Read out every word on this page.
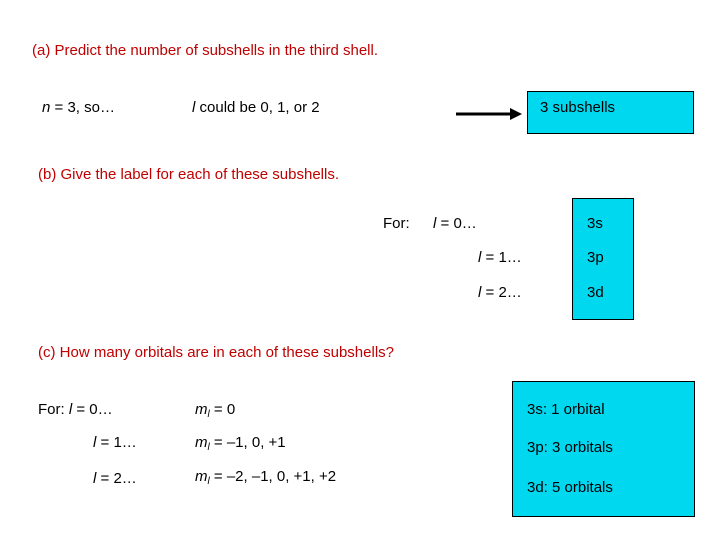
(a) Predict the number of subshells in the third shell.
n = 3, so…	l could be 0, 1, or 2	3 subshells
(b) Give the label for each of these subshells.
For: l = 0…
l = 1…
l = 2…
3s
3p
3d
(c) How many orbitals are in each of these subshells?
For: l = 0…
l = 1…
l = 2…
$m_l = 0$
$m_l = -1$, 0, +1
$m_l = -2$, –1, 0, +1, +2
3s: 1 orbital
3p: 3 orbitals
3d: 5 orbitals
